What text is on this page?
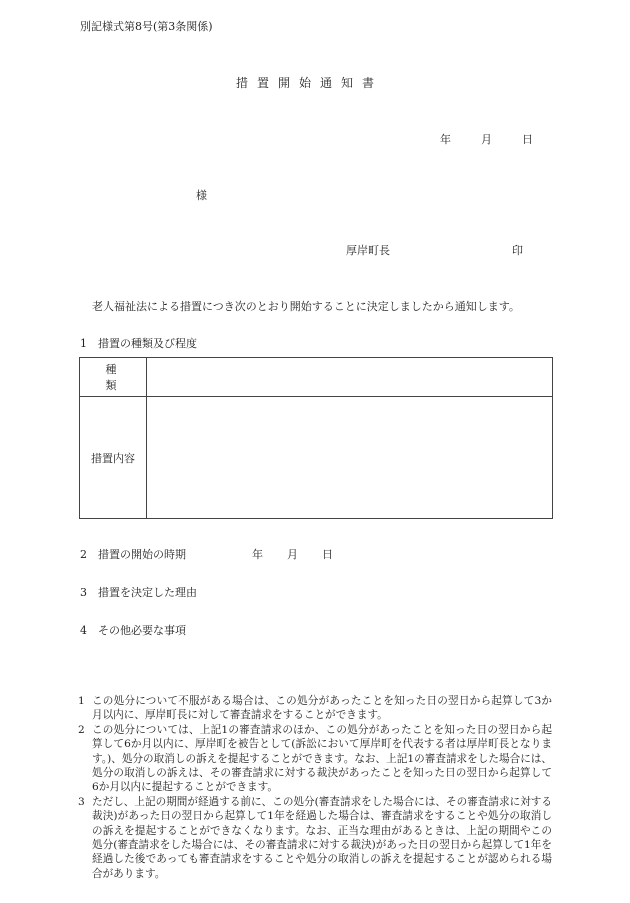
別記様式第8号(第3条関係)
措置開始通知書
年	月	日
様
厚岸町長	印
老人福祉法による措置につき次のとおり開始することに決定しましたから通知します。
1 措置の種類及び程度
種類	
措置内容	
2 措置の開始の時期	年 月 日
3 措置を決定した理由
4 その他必要な事項

1 この処分について不服がある場合は、この処分があったことを知った日の翌日から起算して3か月以内に、厚岸町長に対して審査請求をすることができます。

2 この処分については、上記1の審査請求のほか、この処分があったことを知った日の翌日から起算して6か月以内に、厚岸町を被告として(訴訟において厚岸町を代表する者は厚岸町長となります。)、処分の取消しの訴えを提起することができます。なお、上記1の審査請求をした場合には、処分の取消しの訴えは、その審査請求に対する裁決があったことを知った日の翌日から起算して6か月以内に提起することができます。

3 ただし、上記の期間が経過する前に、この処分(審査請求をした場合には、その審査請求に対する裁決)があった日の翌日から起算して1年を経過した場合は、審査請求をすることや処分の取消しの訴えを提起することができなくなります。なお、正当な理由があるときは、上記の期間やこの処分(審査請求をした場合には、その審査請求に対する裁決)があった日の翌日から起算して1年を経過した後であっても審査請求をすることや処分の取消しの訴えを提起することが認められる場合があります。
